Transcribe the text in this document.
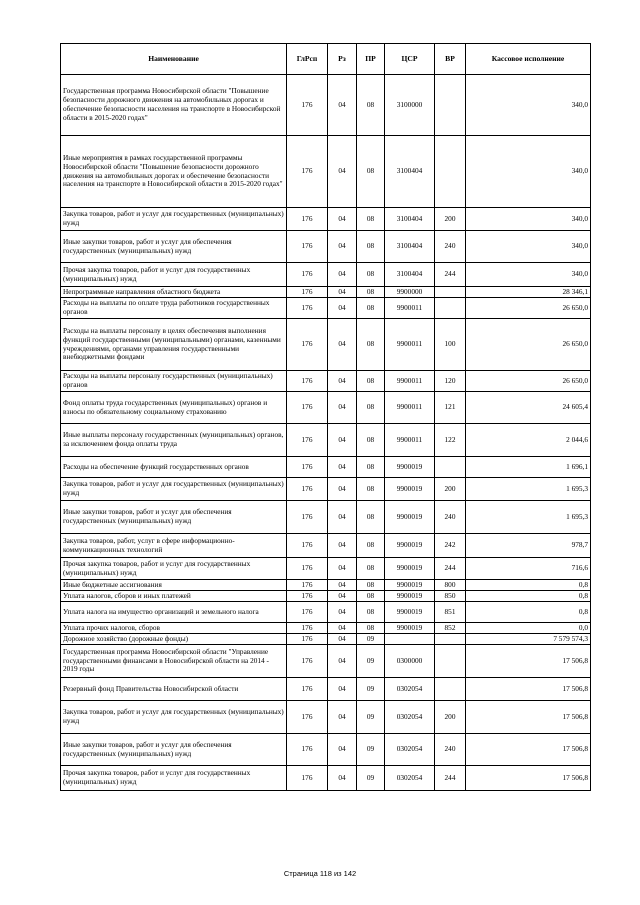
Наименование	ГлРсп	Рз	ПР	ЦСР	ВР	Кассовое исполнение
Государственная программа Новосибирской области "Повышение безопасности дорожного движения на автомобильных дорогах и обеспечение безопасности населения на транспорте в Новосибирской области в 2015-2020 годах"	176	04	08	3100000		340,0
Иные мероприятия в рамках государственной программы Новосибирской области "Повышение безопасности дорожного движения на автомобильных дорогах и обеспечение безопасности населения на транспорте в Новосибирской области в 2015-2020 годах"	176	04	08	3100404		340,0
Закупка товаров, работ и услуг для государственных (муниципальных) нужд	176	04	08	3100404	200	340,0
Иные закупки товаров, работ и услуг для обеспечения государственных (муниципальных) нужд	176	04	08	3100404	240	340,0
Прочая закупка товаров, работ и услуг для государственных (муниципальных) нужд	176	04	08	3100404	244	340,0
Непрограммные направления областного бюджета	176	04	08	9900000		28 346,1
Расходы на выплаты по оплате труда работников государственных органов	176	04	08	9900011		26 650,0
Расходы на выплаты персоналу в целях обеспечения выполнения функций государственными (муниципальными) органами, казенными учреждениями, органами управления государственными внебюджетными фондами	176	04	08	9900011	100	26 650,0
Расходы на выплаты персоналу государственных (муниципальных) органов	176	04	08	9900011	120	26 650,0
Фонд оплаты труда государственных (муниципальных) органов и взносы по обязательному социальному страхованию	176	04	08	9900011	121	24 605,4
Иные выплаты персоналу государственных (муниципальных) органов, за исключением фонда оплаты труда	176	04	08	9900011	122	2 044,6
Расходы на обеспечение функций государственных органов	176	04	08	9900019		1 696,1
Закупка товаров, работ и услуг для государственных (муниципальных) нужд	176	04	08	9900019	200	1 695,3
Иные закупки товаров, работ и услуг для обеспечения государственных (муниципальных) нужд	176	04	08	9900019	240	1 695,3
Закупка товаров, работ, услуг в сфере информационно-коммуникационных технологий	176	04	08	9900019	242	978,7
Прочая закупка товаров, работ и услуг для государственных (муниципальных) нужд	176	04	08	9900019	244	716,6
Иные бюджетные ассигнования	176	04	08	9900019	800	0,8
Уплата налогов, сборов и иных платежей	176	04	08	9900019	850	0,8
Уплата налога на имущество организаций и земельного налога	176	04	08	9900019	851	0,8
Уплата прочих налогов, сборов	176	04	08	9900019	852	0,0
Дорожное хозяйство (дорожные фонды)	176	04	09			7 579 574,3
Государственная программа Новосибирской области "Управление государственными финансами в Новосибирской области на 2014 - 2019 годы	176	04	09	0300000		17 506,8
Резервный фонд Правительства Новосибирской области	176	04	09	0302054		17 506,8
Закупка товаров, работ и услуг для государственных (муниципальных) нужд	176	04	09	0302054	200	17 506,8
Иные закупки товаров, работ и услуг для обеспечения государственных (муниципальных) нужд	176	04	09	0302054	240	17 506,8
Прочая закупка товаров, работ и услуг для государственных (муниципальных) нужд	176	04	09	0302054	244	17 506,8
Страница 118 из 142
